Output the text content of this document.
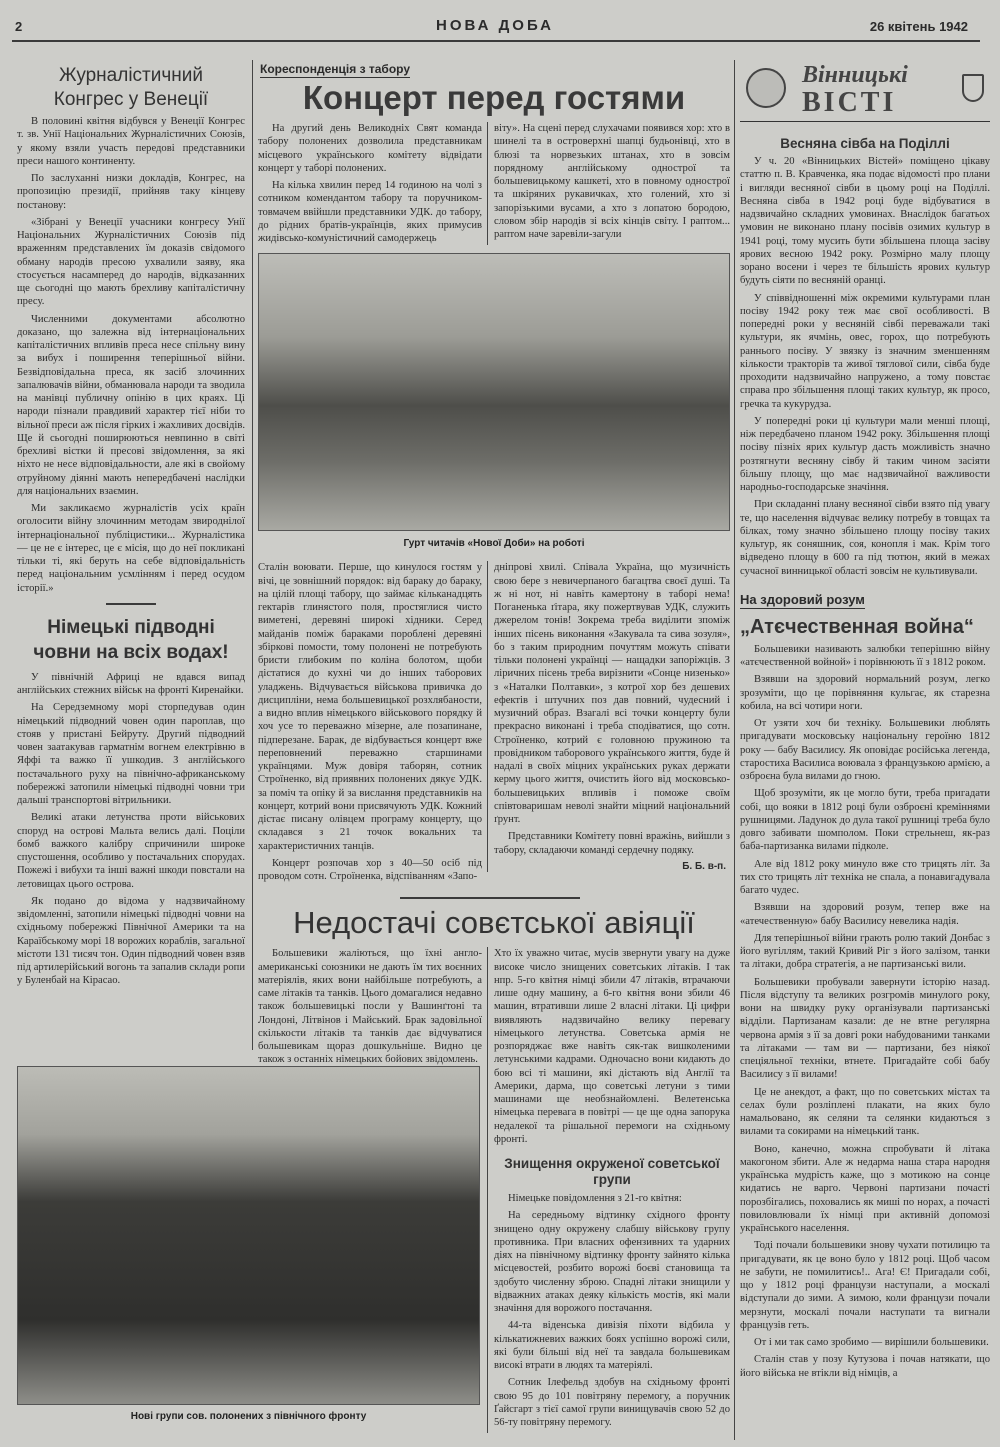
2	НОВА ДОБА	26 квітень 1942
Журналістичний
Конгрес у Венеції

В половині квітня відбувся у Венеції Конгрес т. зв. Унії Національних Журналістичних Союзів, у якому взяли участь передові представники преси нашого континенту.

По заслуханні низки докладів, Конгрес, на пропозицію президії, прийняв таку кінцеву постанову:

«Зібрані у Венеції учасники конгресу Унії Національних Журналістичних Союзів під враженням представлених їм доказів свідомого обману народів пресою ухвалили заяву, яка стосується насамперед до народів, відказанних ще сьогодні що мають брехливу капіталістичну пресу.

Численними документами абсолютно доказано, що залежна від інтернаціональних капіталістичних впливів преса несе спільну вину за вибух і поширення теперішньої війни. Безвідповідальна преса, як засіб злочинних запалювачів війни, обманювала народи та зводила на манівці публичну опінію в цих краях. Ці народи пізнали правдивий характер тієї ніби то вільної преси аж після гірких і жахливих досвідів. Ще й сьогодні поширюються невпинно в світі брехливі вістки й пресові звідомлення, за які ніхто не несе відповідальности, але які в свойому отруйному діянні мають непередбачені наслідки для національних взаємин.

Ми закликаємо журналістів усіх країн оголосити війну злочинним методам звироднілої інтернаціональної публіцистики... Журналістика — це не є інтерес, це є місія, що до неї покликані тільки ті, які беруть на себе відповідальність перед національним усмлінням і перед осудом історії.»

Німецькі підводні човни на всіх водах!

У північній Африці не вдався випад англійських стежних військ на фронті Киренайки.

На Середземному морі сторпедував один німецький підводний човен один пароплав, що стояв у пристані Бейруту. Другий підводний човен заатакував гарматнім вогнем електрівню в Яффі та важко її ушкодив. З англійського постачального руху на північно-африканському побережжі затопили німецькі підводні човни три дальші транспортові вітрильники.

Великі атаки летунства проти військових споруд на острові Мальта велись далі. Поціли бомб важкого калібру спричинили широке спустошення, особливо у постачальних спорудах. Пожежі і вибухи та інші важні шкоди повстали на летовищах цього острова.

Як подано до відома у надзвичайному звідомленні, затопили німецькі підводні човни на східньому побережжі Північної Америки та на Караїбському морі 18 ворожих кораблів, загальної містоти 131 тисяч тон. Один підводний човен взяв під артилерійський вогонь та запалив склади ропи у Буленбай на Кірасао.

Кореспонденція з табору
Концерт перед гостями

На другий день Великодніх Свят команда табору полонених дозволила представникам місцевого українського комітету відвідати концерт у таборі полонених.

На кілька хвилин перед 14 годиною на чолі з сотником комендантом табору та поручником-товмачем ввійшли представники УДК. до табору, до рідних братів-українців, яких примусив жидівсько-комуністичний самодержець

віту». На сцені перед слухачами появився хор: хто в шинелі та в островерхні шапці будьонівці, хто в блюзі та норвезьких штанах, хто в зовсім порядному англійському однострої та большевицькому кашкеті, хто в повному однострої та шкіряних рукавичках, хто голений, хто зі запорізькими вусами, а хто з лопатою бородою, словом збір народів зі всіх кінців світу. І раптом... раптом наче заревіли-загули

Гурт читачів «Нової Доби» на роботі

Сталін воювати. Перше, що кинулося гостям у вічі, це зовнішний порядок: від бараку до бараку, на цілій площі табору, що займає кільканадцять гектарів глинястого поля, простяглися чисто виметені, деревяні широкі хідники. Серед майданів поміж бараками пороблені деревяні збіркові помости, тому полонені не потребують бристи глибоким по коліна болотом, щоби дістатися до кухні чи до інших таборових уладжень. Відчувається військова привичка до дисципліни, нема большевицької розхлябаности, а видно вплив німецького військового порядку й хоч усе то переважно мізерне, але позапинане, підперезане. Барак, де відбувається концерт вже переповнений переважно старшинами українцями. Муж довіря таборян, сотник Строїненко, від приявних полонених дякує УДК. за поміч та опіку й за вислання представників на концерт, котрий вони присвячують УДК. Кожний дістає писану олівцем програму концерту, що складався з 21 точок вокальних та характеристичних танців.

Концерт розпочав хор з 40—50 осіб під проводом сотн. Строїненка, відспіванням «Запо-

дніпрові хвилі. Співала Україна, що музичність свою бере з невичерпаного багацтва своєї душі. Та ж ні нот, ні навіть камертону в таборі нема! Поганенька ґітара, яку пожертвував УДК, служить джерелом тонів! Зокрема треба виділити зпоміж інших пісень виконання «Закувала та сива зозуля», бо з таким природним почуттям можуть співати тільки полонені українці — нащадки запоріжців. З ліричних пісень треба вирізнити «Сонце низенько» з «Наталки Полтавки», з котрої хор без дешевих ефектів і штучних поз дав повний, чудесний і музичний образ. Взагалі всі точки концерту були прекрасно виконані і треба сподіватися, що сотн. Строїненко, котрий є головною пружиною та провідником таборового українського життя, буде й надалі в своїх міцних українських руках держати керму цього життя, очистить його від московсько-большевицьких впливів і поможе своїм співтоваришам неволі знайти міцний національний ґрунт.

Представники Комітету повні вражінь, вийшли з табору, складаючи команді сердечну подяку.

Б. Б. в-п.
Недостачі совєтської авіяції

Большевики жаліються, що їхні англо-американські союзники не дають їм тих воєнних матеріялів, яких вони найбільше потребують, а саме літаків та танків. Цього домагалися недавно також большевицькі посли у Вашинґтоні та Лондоні, Літвінов і Майський. Брак задовільної скількости літаків та танків дає відчуватися большевикам щораз дошкульніше. Видно це також з останніх німецьких бойових звідомлень.

Хто їх уважно читає, мусів звернути увагу на дуже високе число знищених советських літаків. І так нпр. 5-го квітня німці збили 47 літаків, втрачаючи лише одну машину, а 6-го квітня вони збили 46 машин, втративши лише 2 власні літаки. Ці цифри виявляють надзвичайно велику перевагу німецького летунства. Советська армія не розпоряджає вже навіть сяк-так вишколеними летунськими кадрами. Одночасно вони кидають до бою всі ті машини, які дістають від Англії та Америки, дарма, що советські летуни з тими машинами ще необзнайомлені. Велетенська німецька перевага в повітрі — це ще одна запорука недалекої та рішальної перемоги на східньому фронті.

Знищення окруженої советської групи

Німецьке повідомлення з 21-го квітня:

На середньому відтинку східного фронту знищено одну окружену слабшу військову групу противника. При власних офензивних та ударних діях на північному відтинку фронту зайнято кілька місцевостей, розбито ворожі боєві становища та здобуто численну зброю. Спадні літаки знищили у відважних атаках деяку кількість мостів, які мали значіння для ворожого постачання.

44-та віденська дивізія піхоти відбила у кількатижневих важких боях успішно ворожі сили, які були більші від неї та завдала большевикам високі втрати в людях та матеріялі.

Сотник Ілефельд здобув на східньому фронті свою 95 до 101 повітряну перемогу, а поручник Ґайсгарт з тієї самої групи винищувачів свою 52 до 56-ту повітряну перемогу.

Нові групи сов. полонених з північного фронту
Вінницькі
ВІСТІ
Весняна сівба на Поділлі

У ч. 20 «Вінницьких Вістей» поміщено цікаву статтю п. В. Кравченка, яка подає відомості про плани і вигляди весняної сівби в цьому році на Поділлі. Весняна сівба в 1942 році буде відбуватися в надзвичайно складних умовинах. Внаслідок багатьох умовин не виконано плану посівів озимих культур в 1941 році, тому мусить бути збільшена площа засіву ярових весною 1942 року. Розмірно малу площу зорано восени і через те більшість ярових культур будуть сіяти по весняній оранці.

У співвідношенні між окремими культурами план посіву 1942 року теж має свої особливості. В попередні роки у весняній сівбі переважали такі культури, як ячмінь, овес, горох, що потребують раннього посіву. У звязку із значним зменшенням кількости тракторів та живої тяглової сили, сівба буде проходити надзвичайно напружено, а тому повстає справа про збільшення площі таких культур, як просо, гречка та кукурудза.

У попередні роки ці культури мали менші площі, ніж передбачено планом 1942 року. Збільшення площі посіву пізніх ярих культур дасть можливість значно розтягнути весняну сівбу й таким чином засіяти більшу площу, що має надзвичайної важливости народньо-господарське значіння.

При складанні плану весняної сівби взято під увагу те, що населення відчуває велику потребу в товщах та білках, тому значно збільшено площу посіву таких культур, як соняшник, соя, конопля і мак. Крім того відведено площу в 600 га під тютюн, який в межах сучасної винницької області зовсім не культивували.

На здоровий розум
„Атєчественная война“

Большевики називають залюбки теперішню війну «атєчественной войной» і порівнюють її з 1812 роком.

Взявши на здоровий нормальний розум, легко зрозуміти, що це порівняння кульгає, як старезна кобила, на всі чотири ноги.

От узяти хоч би техніку. Большевики люблять пригадувати московську національну героїню 1812 року — бабу Василису. Як оповідає російська легенда, старостиха Василиса воювала з французькою армією, а озброєна була вилами до гною.

Щоб зрозуміти, як це могло бути, треба пригадати собі, що вояки в 1812 році були озброєні креміннями рушницями. Ладунок до дула такої рушниці треба було довго забивати шомполом. Поки стрельнеш, як-раз баба-партизанка вилами підколе.

Але від 1812 року минуло вже сто трицять літ. За тих сто трицять літ техніка не спала, а понавигадувала багато чудес.

Взявши на здоровий розум, тепер вже на «атечественную» бабу Василису невелика надія.

Для теперішньої війни грають ролю такий Донбас з його вугіллям, такий Кривий Ріг з його залізом, танки та літаки, добра стратегія, а не партизанські вили.

Большевики пробували завернути історію назад. Після відступу та великих розгромів минулого року, вони на швидку руку організували партизанські відділи. Партизанам казали: де не втне регулярна червона армія з її за довгі роки набудованими танками та літаками — там ви — партизани, без ніякої спеціяльної техніки, втнете. Пригадайте собі бабу Василису з її вилами!

Це не анекдот, а факт, що по советських містах та селах були розліплені плакати, на яких було намальовано, як селяни та селянки кидаються з вилами та сокирами на німецький танк.

Воно, канечно, можна спробувати й літака макогоном збити. Але ж недарма наша стара народня українська мудрість каже, що з мотикою на сонце кидатись не варго. Червоні партизани почасті порозбігались, поховались як миші по норах, а почасті повиловлювали їх німці при активній допомозі українського населення.

Тоді почали большевики знову чухати потилицю та пригадувати, як це воно було у 1812 році. Щоб часом не забути, не помилитись!.. Ага! Є! Пригадали собі, що у 1812 році французи наступали, а москалі відступали до зими. А зимою, коли французи почали мерзнути, москалі почали наступати та вигнали французів геть.

От і ми так само зробимо — вирішили большевики.

Сталін став у позу Кутузова і почав натякати, що його війська не втікли від німців, а
